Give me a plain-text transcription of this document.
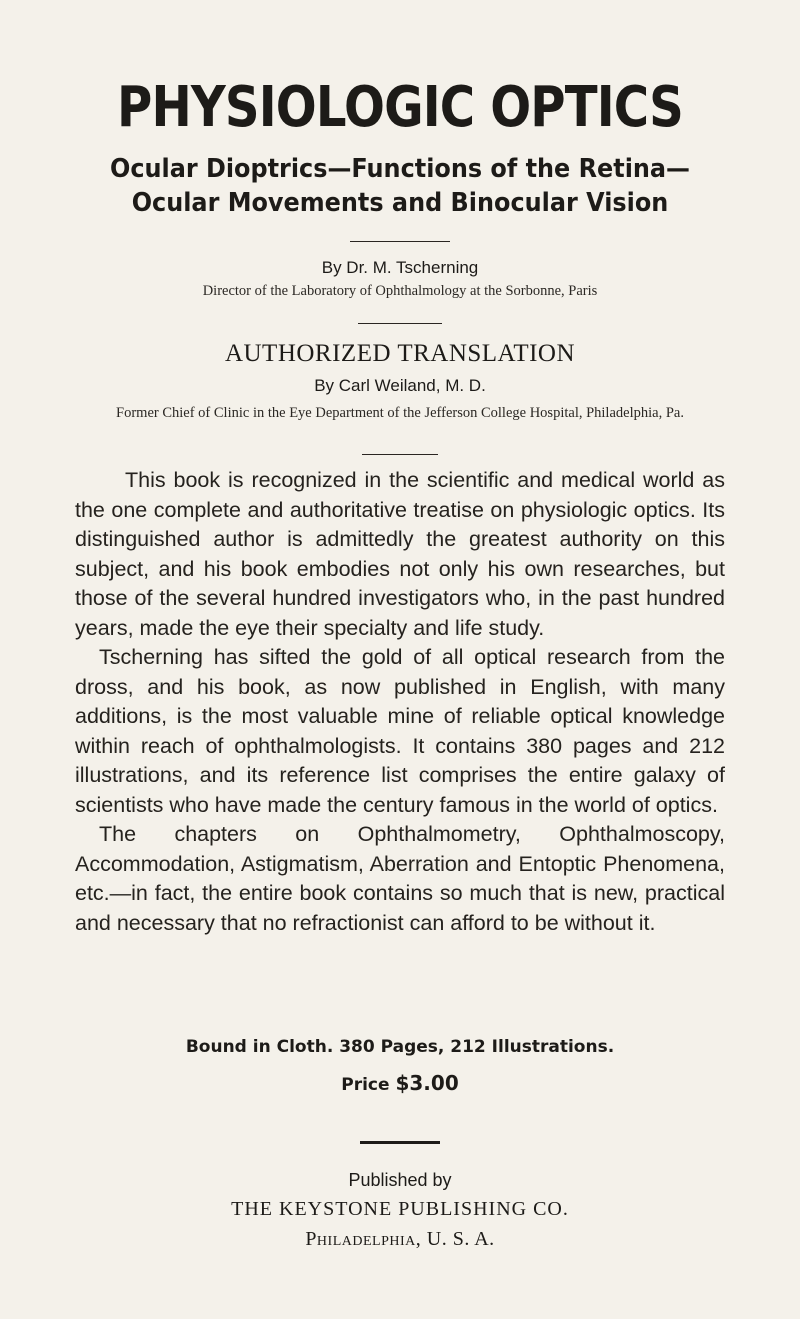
PHYSIOLOGIC OPTICS
Ocular Dioptrics—Functions of the Retina—Ocular Movements and Binocular Vision
By Dr. M. Tscherning
Director of the Laboratory of Ophthalmology at the Sorbonne, Paris
AUTHORIZED TRANSLATION
By Carl Weiland, M. D.
Former Chief of Clinic in the Eye Department of the Jefferson College Hospital, Philadelphia, Pa.

This book is recognized in the scientific and medical world as the one complete and authoritative treatise on physiologic optics. Its distinguished author is admittedly the greatest authority on this subject, and his book embodies not only his own researches, but those of the several hundred investigators who, in the past hundred years, made the eye their specialty and life study.

Tscherning has sifted the gold of all optical research from the dross, and his book, as now published in English, with many additions, is the most valuable mine of reliable optical knowledge within reach of ophthalmologists. It contains 380 pages and 212 illustrations, and its reference list comprises the entire galaxy of scientists who have made the century famous in the world of optics.

The chapters on Ophthalmometry, Ophthalmoscopy, Accommodation, Astigmatism, Aberration and Entoptic Phenomena, etc.—in fact, the entire book contains so much that is new, practical and necessary that no refractionist can afford to be without it.

Bound in Cloth. 380 Pages, 212 Illustrations.
Price $3.00
Published by
THE KEYSTONE PUBLISHING CO.
Philadelphia, U. S. A.
